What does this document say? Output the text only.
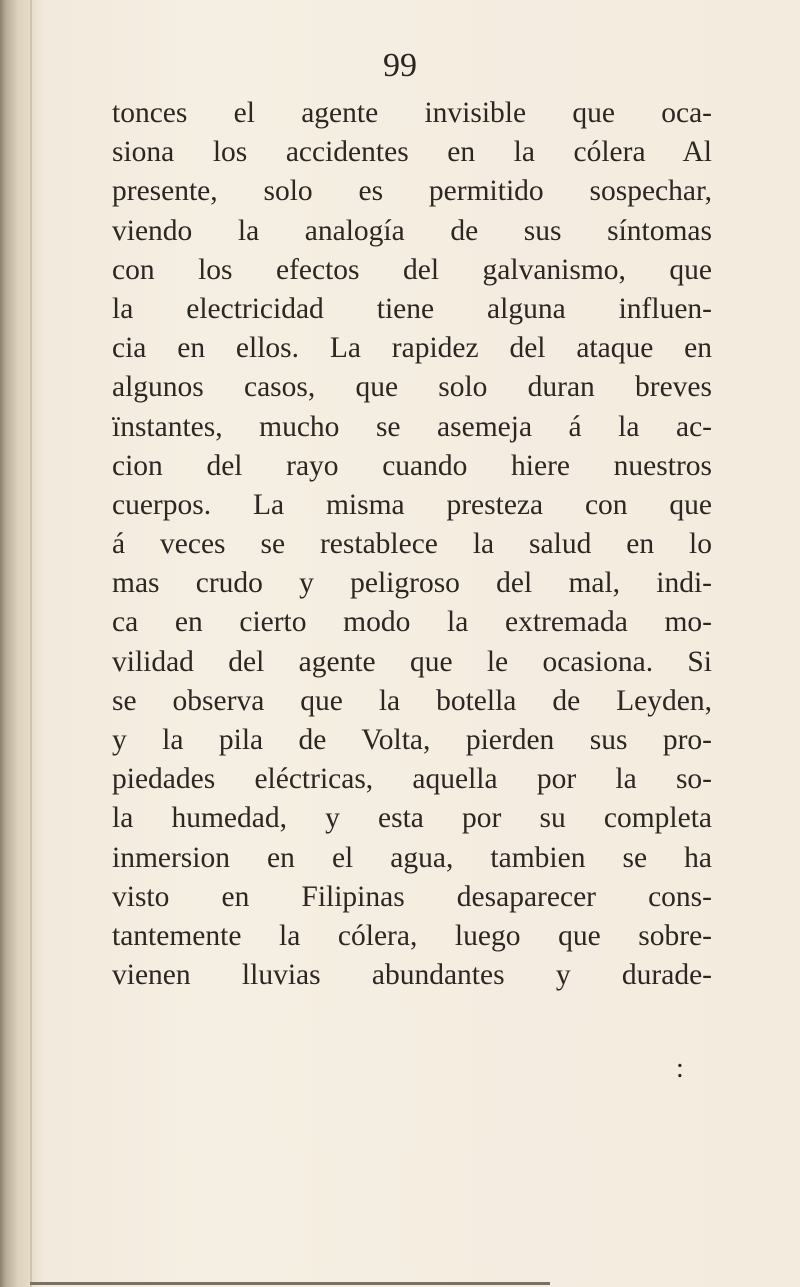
99
tonces el agente invisible que oca-
siona los accidentes en la cólera Al
presente, solo es permitido sospechar,
viendo la analogía de sus síntomas
con los efectos del galvanismo, que
la electricidad tiene alguna influen-
cia en ellos. La rapidez del ataque en
algunos casos, que solo duran breves
ïnstantes, mucho se asemeja á la ac-
cion del rayo cuando hiere nuestros
cuerpos. La misma presteza con que
á veces se restablece la salud en lo
mas crudo y peligroso del mal, indi-
ca en cierto modo la extremada mo-
vilidad del agente que le ocasiona. Si
se observa que la botella de Leyden,
y la pila de Volta, pierden sus pro-
piedades eléctricas, aquella por la so-
la humedad, y esta por su completa
inmersion en el agua, tambien se ha
visto en Filipinas desaparecer cons-
tantemente la cólera, luego que sobre-
vienen lluvias abundantes y durade-
:
